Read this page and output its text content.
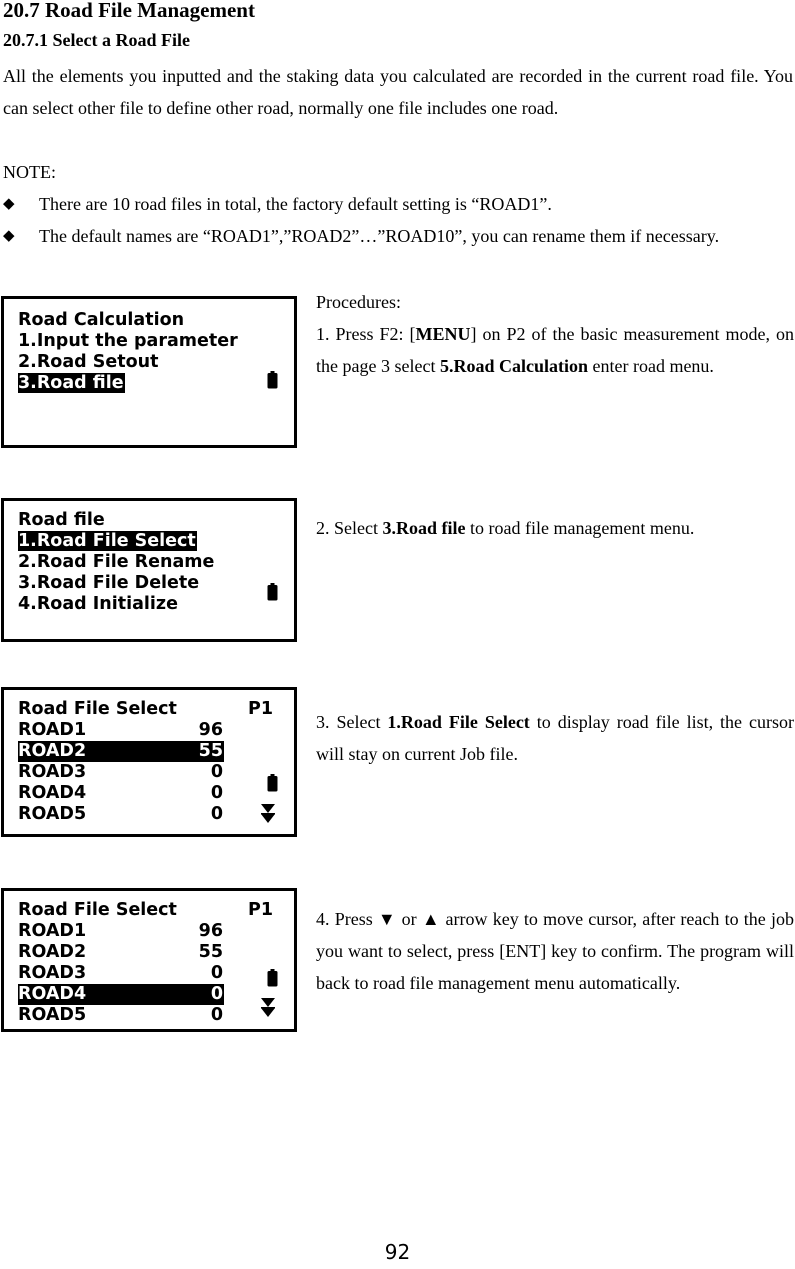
20.7 Road File Management
20.7.1 Select a Road File
All the elements you inputted and the staking data you calculated are recorded in the current road file. You can select other file to define other road, normally one file includes one road.
NOTE:
◆	There are 10 road files in total, the factory default setting is “ROAD1”.
◆	The default names are “ROAD1”,”ROAD2”…”ROAD10”, you can rename them if necessary.
Road Calculation
1.Input the parameter
2.Road Setout
3.Road file
Road file
1.Road File Select
2.Road File Rename
3.Road File Delete
4.Road Initialize
Road File Select	P1
ROAD1	96
ROAD2	55
ROAD3	0
ROAD4	0
ROAD5	0
Road File Select	P1
ROAD1	96
ROAD2	55
ROAD3	0
ROAD4	0
ROAD5	0
Procedures:
1. Press F2: [MENU] on P2 of the basic measurement mode, on the page 3 select 5.Road Calculation enter road menu.
2. Select 3.Road file to road file management menu.
3. Select 1.Road File Select to display road file list, the cursor will stay on current Job file.
4. Press ▼ or ▲ arrow key to move cursor, after reach to the job you want to select, press [ENT] key to confirm. The program will back to road file management menu automatically.
92
